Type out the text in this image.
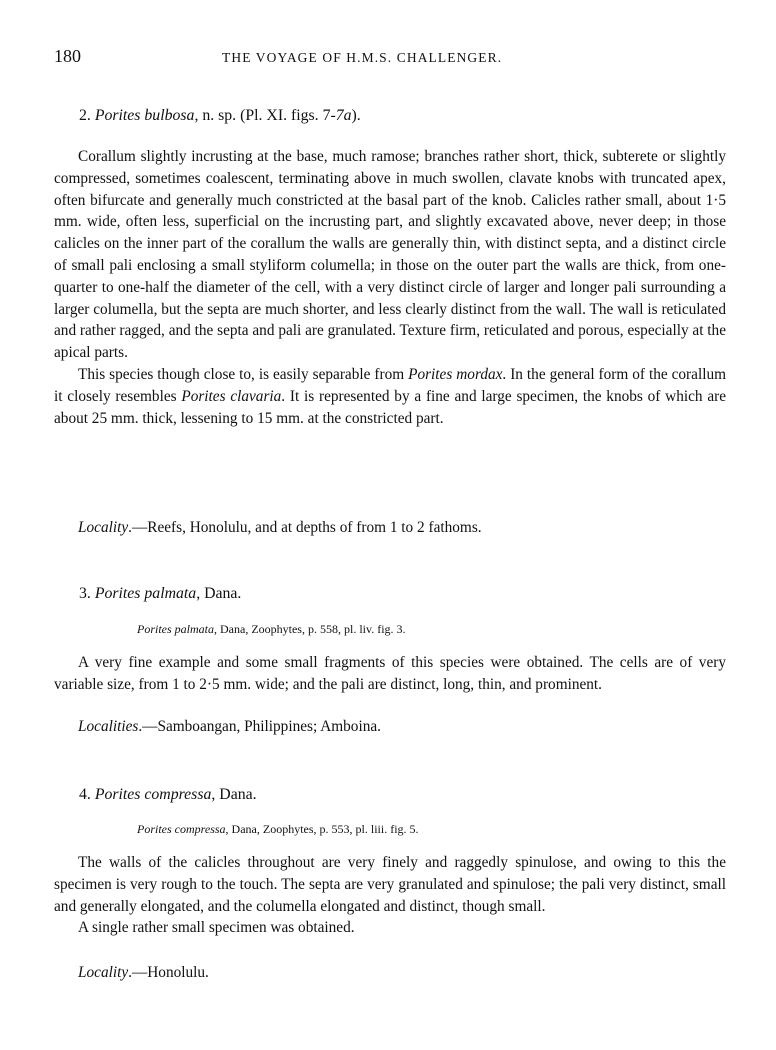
180	THE VOYAGE OF H.M.S. CHALLENGER.
2. Porites bulbosa, n. sp. (Pl. XI. figs. 7-7a).

Corallum slightly incrusting at the base, much ramose; branches rather short, thick, subterete or slightly compressed, sometimes coalescent, terminating above in much swollen, clavate knobs with truncated apex, often bifurcate and generally much constricted at the basal part of the knob. Calicles rather small, about 1·5 mm. wide, often less, superficial on the incrusting part, and slightly excavated above, never deep; in those calicles on the inner part of the corallum the walls are generally thin, with distinct septa, and a distinct circle of small pali enclosing a small styliform columella; in those on the outer part the walls are thick, from one-quarter to one-half the diameter of the cell, with a very distinct circle of larger and longer pali surrounding a larger columella, but the septa are much shorter, and less clearly distinct from the wall. The wall is reticulated and rather ragged, and the septa and pali are granulated. Texture firm, reticulated and porous, especially at the apical parts.

This species though close to, is easily separable from Porites mordax. In the general form of the corallum it closely resembles Porites clavaria. It is represented by a fine and large specimen, the knobs of which are about 25 mm. thick, lessening to 15 mm. at the constricted part.

Locality.—Reefs, Honolulu, and at depths of from 1 to 2 fathoms.
3. Porites palmata, Dana.
Porites palmata, Dana, Zoophytes, p. 558, pl. liv. fig. 3.

A very fine example and some small fragments of this species were obtained. The cells are of very variable size, from 1 to 2·5 mm. wide; and the pali are distinct, long, thin, and prominent.

Localities.—Samboangan, Philippines; Amboina.
4. Porites compressa, Dana.
Porites compressa, Dana, Zoophytes, p. 553, pl. liii. fig. 5.

The walls of the calicles throughout are very finely and raggedly spinulose, and owing to this the specimen is very rough to the touch. The septa are very granulated and spinulose; the pali very distinct, small and generally elongated, and the columella elongated and distinct, though small.

A single rather small specimen was obtained.

Locality.—Honolulu.
